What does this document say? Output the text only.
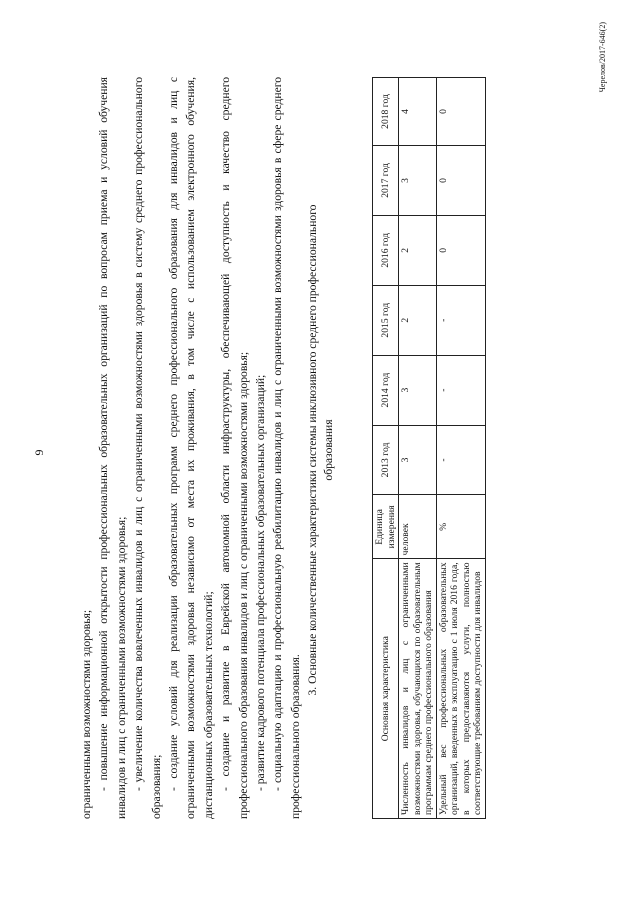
9

ограниченными возможностями здоровья; - повышение информационной открытости профессиональных образовательных организаций по вопросам приема и условий обучения инвалидов и лиц с ограниченными возможностями здоровья; - увеличение количества вовлеченных инвалидов и лиц с ограниченными возможностями здоровья в систему среднего профессионального образования; - создание условий для реализации образовательных программ среднего профессионального образования для инвалидов и лиц с ограниченными возможностями здоровья независимо от места их проживания, в том числе с использованием электронного обучения, дистанционных образовательных технологий; - создание и развитие в Еврейской автономной области инфраструктуры, обеспечивающей доступность и качество среднего профессионального образования инвалидов и лиц с ограниченными возможностями здоровья; - развитие кадрового потенциала профессиональных образовательных организаций; - социальную адаптацию и профессиональную реабилитацию инвалидов и лиц с ограниченными возможностями здоровья в сфере среднего профессионального образования.

3. Основные количественные характеристики системы инклюзивного среднего профессионального образования
Основная характеристика	Единица измерения	2013 год	2014 год	2015 год	2016 год	2017 год	2018 год
Численность инвалидов и лиц с ограниченными возможностями здоровья, обучающихся по образовательным программам среднего профессионального образования	человек	3	3	2	2	3	4
Удельный вес профессиональных образовательных организаций, введенных в эксплуатацию с 1 июля 2016 года, в которых предоставляются услуги, полностью соответствующие требованиям доступности для инвалидов	%	-	-	-	0	0	0
Черелов/2017-646(2)
